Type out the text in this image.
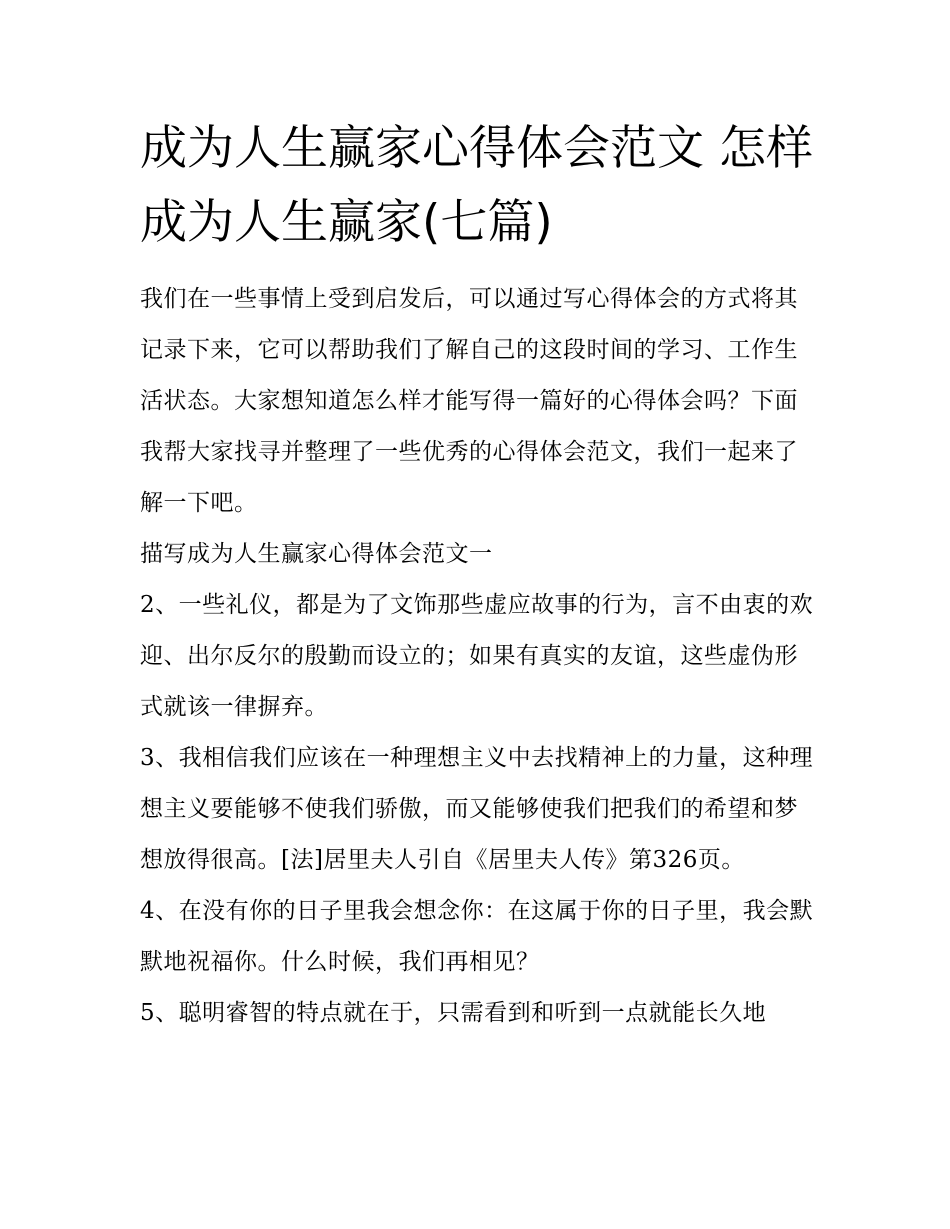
成为人生赢家心得体会范文 怎样成为人生赢家(七篇)

我们在一些事情上受到启发后，可以通过写心得体会的方式将其记录下来，它可以帮助我们了解自己的这段时间的学习、工作生活状态。大家想知道怎么样才能写得一篇好的心得体会吗？下面我帮大家找寻并整理了一些优秀的心得体会范文，我们一起来了解一下吧。

描写成为人生赢家心得体会范文一

2、一些礼仪，都是为了文饰那些虚应故事的行为，言不由衷的欢迎、出尔反尔的殷勤而设立的；如果有真实的友谊，这些虚伪形式就该一律摒弃。

3、我相信我们应该在一种理想主义中去找精神上的力量，这种理想主义要能够不使我们骄傲，而又能够使我们把我们的希望和梦想放得很高。[法]居里夫人引自《居里夫人传》第326页。

4、在没有你的日子里我会想念你：在这属于你的日子里，我会默默地祝福你。什么时候，我们再相见？

5、聪明睿智的特点就在于，只需看到和听到一点就能长久地
